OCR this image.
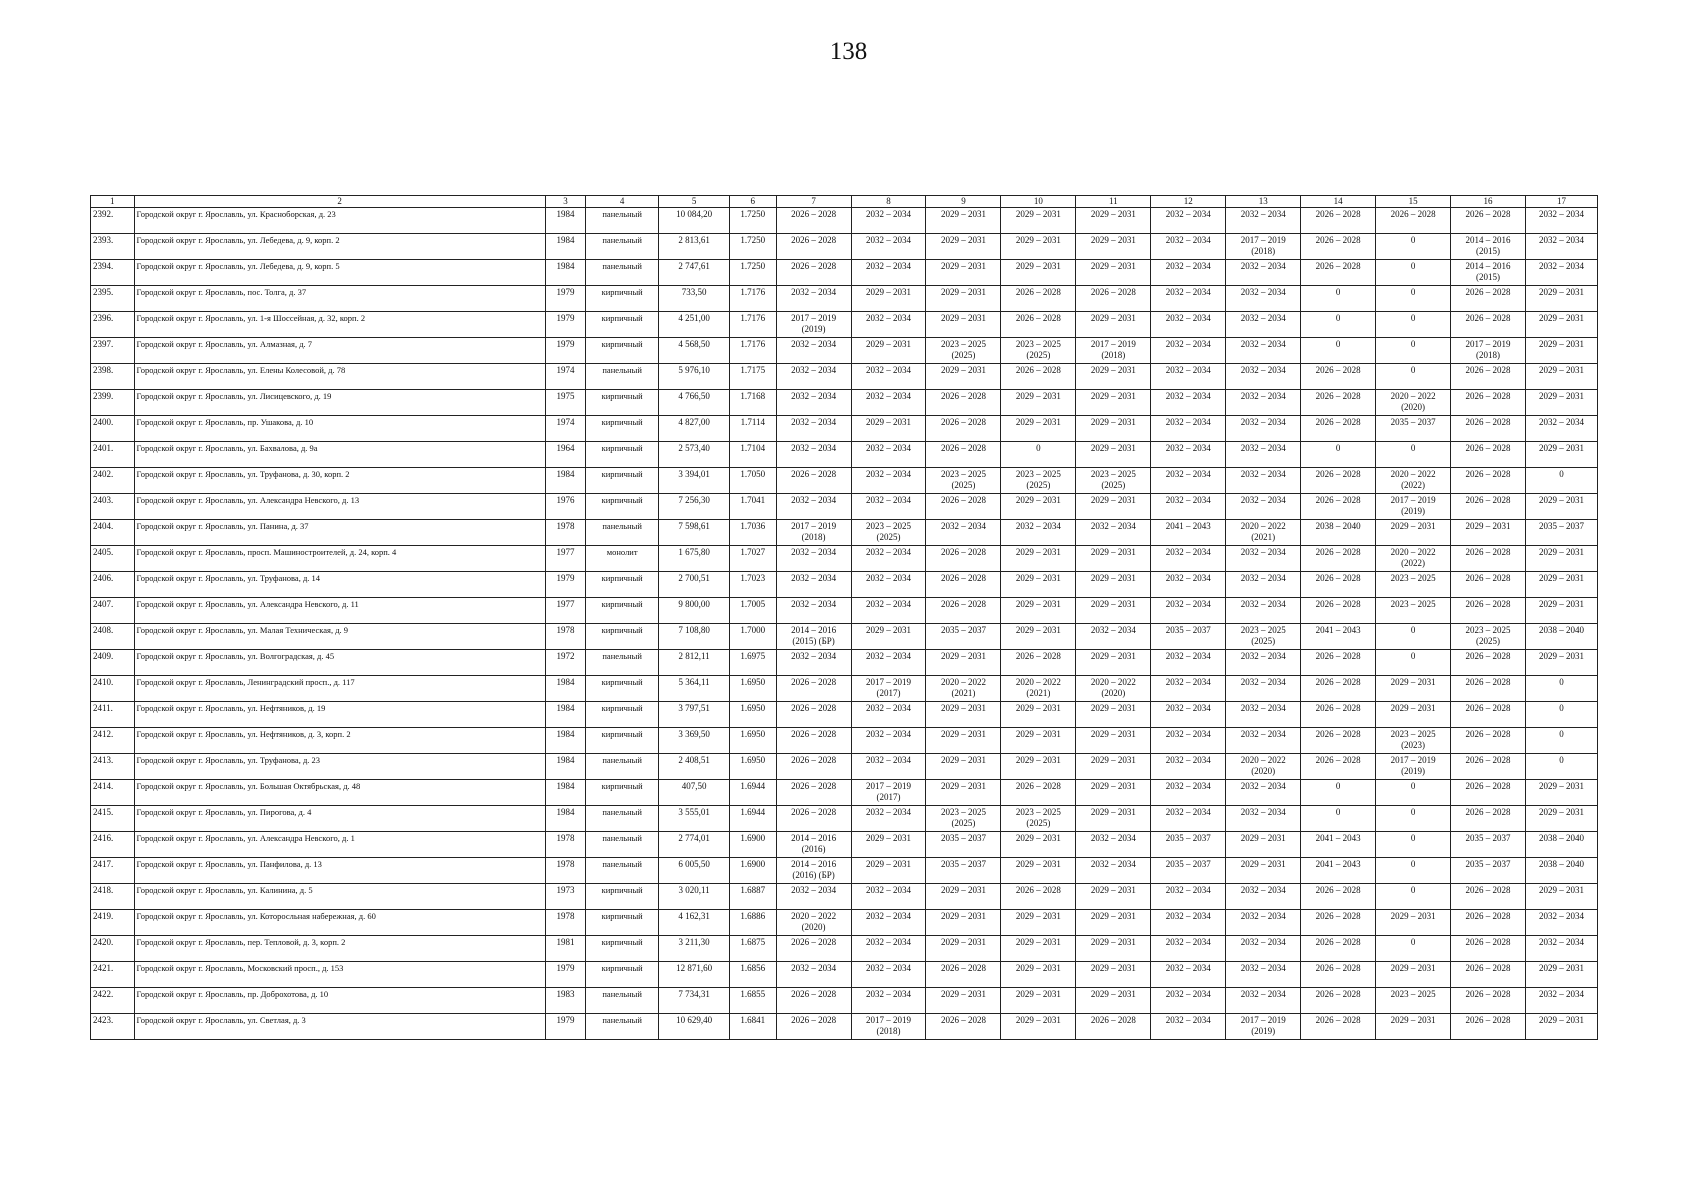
138
1	2	3	4	5	6	7	8	9	10	11	12	13	14	15	16	17
2392.	Городской округ г. Ярославль, ул. Краснобоpская, д. 23	1984	панельный	10 084,20	1.7250	2026 – 2028	2032 – 2034	2029 – 2031	2029 – 2031	2029 – 2031	2032 – 2034	2032 – 2034	2026 – 2028	2026 – 2028	2026 – 2028	2032 – 2034
2393.	Городской округ г. Ярославль, ул. Лебедева, д. 9, корп. 2	1984	панельный	2 813,61	1.7250	2026 – 2028	2032 – 2034	2029 – 2031	2029 – 2031	2029 – 2031	2032 – 2034	2017 – 2019 (2018)	2026 – 2028	0	2014 – 2016 (2015)	2032 – 2034
2394.	Городской округ г. Ярославль, ул. Лебедева, д. 9, корп. 5	1984	панельный	2 747,61	1.7250	2026 – 2028	2032 – 2034	2029 – 2031	2029 – 2031	2029 – 2031	2032 – 2034	2032 – 2034	2026 – 2028	0	2014 – 2016 (2015)	2032 – 2034
2395.	Городской округ г. Ярославль, пос. Толга, д. 37	1979	кирпичный	733,50	1.7176	2032 – 2034	2029 – 2031	2029 – 2031	2026 – 2028	2026 – 2028	2032 – 2034	2032 – 2034	0	0	2026 – 2028	2029 – 2031
2396.	Городской округ г. Ярославль, ул. 1-я Шоссейная, д. 32, корп. 2	1979	кирпичный	4 251,00	1.7176	2017 – 2019 (2019)	2032 – 2034	2029 – 2031	2026 – 2028	2029 – 2031	2032 – 2034	2032 – 2034	0	0	2026 – 2028	2029 – 2031
2397.	Городской округ г. Ярославль, ул. Алмазная, д. 7	1979	кирпичный	4 568,50	1.7176	2032 – 2034	2029 – 2031	2023 – 2025 (2025)	2023 – 2025 (2025)	2017 – 2019 (2018)	2032 – 2034	2032 – 2034	0	0	2017 – 2019 (2018)	2029 – 2031
2398.	Городской округ г. Ярославль, ул. Елены Колесовой, д. 78	1974	панельный	5 976,10	1.7175	2032 – 2034	2032 – 2034	2029 – 2031	2026 – 2028	2029 – 2031	2032 – 2034	2032 – 2034	2026 – 2028	0	2026 – 2028	2029 – 2031
2399.	Городской округ г. Ярославль, ул. Лисицевского, д. 19	1975	кирпичный	4 766,50	1.7168	2032 – 2034	2032 – 2034	2026 – 2028	2029 – 2031	2029 – 2031	2032 – 2034	2032 – 2034	2026 – 2028	2020 – 2022 (2020)	2026 – 2028	2029 – 2031
2400.	Городской округ г. Ярославль, пр. Ушакова, д. 10	1974	кирпичный	4 827,00	1.7114	2032 – 2034	2029 – 2031	2026 – 2028	2029 – 2031	2029 – 2031	2032 – 2034	2032 – 2034	2026 – 2028	2035 – 2037	2026 – 2028	2032 – 2034
2401.	Городской округ г. Ярославль, ул. Бахвалова, д. 9а	1964	кирпичный	2 573,40	1.7104	2032 – 2034	2032 – 2034	2026 – 2028	0	2029 – 2031	2032 – 2034	2032 – 2034	0	0	2026 – 2028	2029 – 2031
2402.	Городской округ г. Ярославль, ул. Труфанова, д. 30, корп. 2	1984	кирпичный	3 394,01	1.7050	2026 – 2028	2032 – 2034	2023 – 2025 (2025)	2023 – 2025 (2025)	2023 – 2025 (2025)	2032 – 2034	2032 – 2034	2026 – 2028	2020 – 2022 (2022)	2026 – 2028	0
2403.	Городской округ г. Ярославль, ул. Александра Невского, д. 13	1976	кирпичный	7 256,30	1.7041	2032 – 2034	2032 – 2034	2026 – 2028	2029 – 2031	2029 – 2031	2032 – 2034	2032 – 2034	2026 – 2028	2017 – 2019 (2019)	2026 – 2028	2029 – 2031
2404.	Городской округ г. Ярославль, ул. Панина, д. 37	1978	панельный	7 598,61	1.7036	2017 – 2019 (2018)	2023 – 2025 (2025)	2032 – 2034	2032 – 2034	2032 – 2034	2041 – 2043	2020 – 2022 (2021)	2038 – 2040	2029 – 2031	2029 – 2031	2035 – 2037
2405.	Городской округ г. Ярославль, просп. Машиностроителей, д. 24, корп. 4	1977	монолит	1 675,80	1.7027	2032 – 2034	2032 – 2034	2026 – 2028	2029 – 2031	2029 – 2031	2032 – 2034	2032 – 2034	2026 – 2028	2020 – 2022 (2022)	2026 – 2028	2029 – 2031
2406.	Городской округ г. Ярославль, ул. Труфанова, д. 14	1979	кирпичный	2 700,51	1.7023	2032 – 2034	2032 – 2034	2026 – 2028	2029 – 2031	2029 – 2031	2032 – 2034	2032 – 2034	2026 – 2028	2023 – 2025	2026 – 2028	2029 – 2031
2407.	Городской округ г. Ярославль, ул. Александра Невского, д. 11	1977	кирпичный	9 800,00	1.7005	2032 – 2034	2032 – 2034	2026 – 2028	2029 – 2031	2029 – 2031	2032 – 2034	2032 – 2034	2026 – 2028	2023 – 2025	2026 – 2028	2029 – 2031
2408.	Городской округ г. Ярославль, ул. Малая Техническая, д. 9	1978	кирпичный	7 108,80	1.7000	2014 – 2016 (2015) (БР)	2029 – 2031	2035 – 2037	2029 – 2031	2032 – 2034	2035 – 2037	2023 – 2025 (2025)	2041 – 2043	0	2023 – 2025 (2025)	2038 – 2040
2409.	Городской округ г. Ярославль, ул. Волгоградская, д. 45	1972	панельный	2 812,11	1.6975	2032 – 2034	2032 – 2034	2029 – 2031	2026 – 2028	2029 – 2031	2032 – 2034	2032 – 2034	2026 – 2028	0	2026 – 2028	2029 – 2031
2410.	Городской округ г. Ярославль, Ленинградский просп., д. 117	1984	кирпичный	5 364,11	1.6950	2026 – 2028	2017 – 2019 (2017)	2020 – 2022 (2021)	2020 – 2022 (2021)	2020 – 2022 (2020)	2032 – 2034	2032 – 2034	2026 – 2028	2029 – 2031	2026 – 2028	0
2411.	Городской округ г. Ярославль, ул. Нефтяников, д. 19	1984	кирпичный	3 797,51	1.6950	2026 – 2028	2032 – 2034	2029 – 2031	2029 – 2031	2029 – 2031	2032 – 2034	2032 – 2034	2026 – 2028	2029 – 2031	2026 – 2028	0
2412.	Городской округ г. Ярославль, ул. Нефтяников, д. 3, корп. 2	1984	кирпичный	3 369,50	1.6950	2026 – 2028	2032 – 2034	2029 – 2031	2029 – 2031	2029 – 2031	2032 – 2034	2032 – 2034	2026 – 2028	2023 – 2025 (2023)	2026 – 2028	0
2413.	Городской округ г. Ярославль, ул. Труфанова, д. 23	1984	панельный	2 408,51	1.6950	2026 – 2028	2032 – 2034	2029 – 2031	2029 – 2031	2029 – 2031	2032 – 2034	2020 – 2022 (2020)	2026 – 2028	2017 – 2019 (2019)	2026 – 2028	0
2414.	Городской округ г. Ярославль, ул. Большая Октябрьская, д. 48	1984	кирпичный	407,50	1.6944	2026 – 2028	2017 – 2019 (2017)	2029 – 2031	2026 – 2028	2029 – 2031	2032 – 2034	2032 – 2034	0	0	2026 – 2028	2029 – 2031
2415.	Городской округ г. Ярославль, ул. Пирогова, д. 4	1984	панельный	3 555,01	1.6944	2026 – 2028	2032 – 2034	2023 – 2025 (2025)	2023 – 2025 (2025)	2029 – 2031	2032 – 2034	2032 – 2034	0	0	2026 – 2028	2029 – 2031
2416.	Городской округ г. Ярославль, ул. Александра Невского, д. 1	1978	панельный	2 774,01	1.6900	2014 – 2016 (2016)	2029 – 2031	2035 – 2037	2029 – 2031	2032 – 2034	2035 – 2037	2029 – 2031	2041 – 2043	0	2035 – 2037	2038 – 2040
2417.	Городской округ г. Ярославль, ул. Панфилова, д. 13	1978	панельный	6 005,50	1.6900	2014 – 2016 (2016) (БР)	2029 – 2031	2035 – 2037	2029 – 2031	2032 – 2034	2035 – 2037	2029 – 2031	2041 – 2043	0	2035 – 2037	2038 – 2040
2418.	Городской округ г. Ярославль, ул. Калинина, д. 5	1973	кирпичный	3 020,11	1.6887	2032 – 2034	2032 – 2034	2029 – 2031	2026 – 2028	2029 – 2031	2032 – 2034	2032 – 2034	2026 – 2028	0	2026 – 2028	2029 – 2031
2419.	Городской округ г. Ярославль, ул. Которосльная набережная, д. 60	1978	кирпичный	4 162,31	1.6886	2020 – 2022 (2020)	2032 – 2034	2029 – 2031	2029 – 2031	2029 – 2031	2032 – 2034	2032 – 2034	2026 – 2028	2029 – 2031	2026 – 2028	2032 – 2034
2420.	Городской округ г. Ярославль, пер. Тепловой, д. 3, корп. 2	1981	кирпичный	3 211,30	1.6875	2026 – 2028	2032 – 2034	2029 – 2031	2029 – 2031	2029 – 2031	2032 – 2034	2032 – 2034	2026 – 2028	0	2026 – 2028	2032 – 2034
2421.	Городской округ г. Ярославль, Московский просп., д. 153	1979	кирпичный	12 871,60	1.6856	2032 – 2034	2032 – 2034	2026 – 2028	2029 – 2031	2029 – 2031	2032 – 2034	2032 – 2034	2026 – 2028	2029 – 2031	2026 – 2028	2029 – 2031
2422.	Городской округ г. Ярославль, пр. Доброхотова, д. 10	1983	панельный	7 734,31	1.6855	2026 – 2028	2032 – 2034	2029 – 2031	2029 – 2031	2029 – 2031	2032 – 2034	2032 – 2034	2026 – 2028	2023 – 2025	2026 – 2028	2032 – 2034
2423.	Городской округ г. Ярославль, ул. Светлая, д. 3	1979	панельный	10 629,40	1.6841	2026 – 2028	2017 – 2019 (2018)	2026 – 2028	2029 – 2031	2026 – 2028	2032 – 2034	2017 – 2019 (2019)	2026 – 2028	2029 – 2031	2026 – 2028	2029 – 2031
